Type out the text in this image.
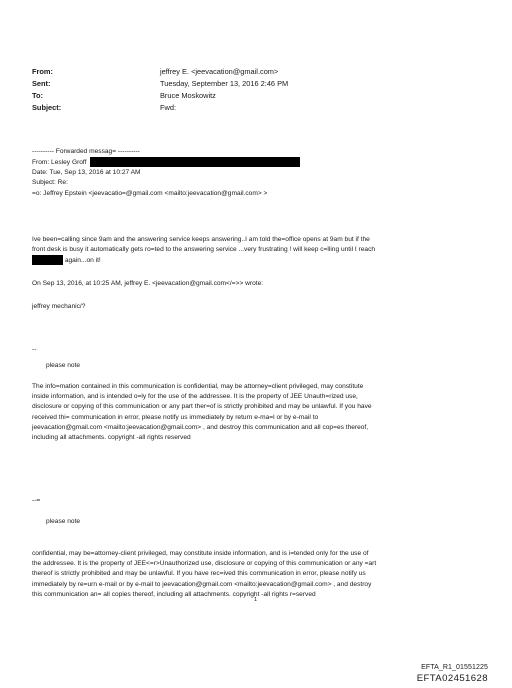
From:	jeffrey E. <jeevacation@gmail.com>
Sent:	Tuesday, September 13, 2016 2:46 PM
To:	Bruce Moskowitz
Subject:	Fwd:
---------- Forwarded messag= ----------
From: Lesley Groff
Date: Tue, Sep 13, 2016 at 10:27 AM
Subject: Re:
=o: Jeffrey Epstein <jeevacatio=@gmail.com <mailto:jeevacation@gmail.com> >
Ive been=calling since 9am and the answering service keeps answering..I am told the=office opens at 9am but if the
front desk is busy it automatically gets ro=ted to the answering service ...very frustrating ! will keep c=lling until I reach
again...on it!
On Sep 13, 2016, at 10:25 AM, jeffrey E. <jeevacation@gmail.com</=>> wrote:
jeffrey mechanic/?
--
please note
The info=mation contained in this communication is confidential, may be attorney=client privileged, may constitute
inside information, and is intended o=ly for the use of the addressee. It is the property of JEE Unauth=rized use,
disclosure or copying of this communication or any part ther=of is strictly prohibited and may be unlawful. If you have
received thi= communication in error, please notify us immediately by return e-ma=l or by e-mail to
jeevacation@gmail.com <mailto:jeevacation@gmail.com> , and destroy this communication and all cop=es thereof,
including all attachments. copyright -all rights reserved
--=
please note
confidential, may be=attorney-client privileged, may constitute inside information, and is i=tended only for the use of
the addressee. It is the property of JEE<=r>Unauthorized use, disclosure or copying of this communication or any =art
thereof is strictly prohibited and may be unlawful. If you have rec=ived this communication in error, please notify us
immediately by re=urn e-mail or by e-mail to jeevacation@gmail.com <mailto:jeevacation@gmail.com> , and destroy
this communication an= all copies thereof, including all attachments. copyright -all rights r=served
1
EFTA_R1_01551225
EFTA02451628
